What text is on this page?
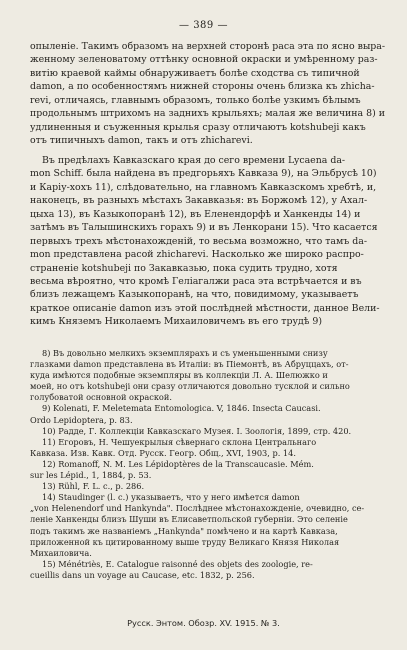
— 389 —
опыленіе. Такимъ образомъ на верхней сторонѣ раса эта по ясно выра-
женному зеленоватому оттѣнку основной окраски и умѣренному раз-
витію краевой каймы обнаруживаетъ болѣе сходства съ типичной
damon, а по особенностямъ нижней стороны очень близка къ zhicha-
revi, отличаясь, главнымъ образомъ, только болѣе узкимъ бѣлымъ
продольнымъ штрихомъ на заднихъ крыльяхъ; малая же величина 8) и
удлиненныя и съуженныя крылья сразу отличаютъ kotshubeji какъ
отъ типичныхъ damon, такъ и отъ zhicharevi.
Въ предѣлахъ Кавказскаго края до сего времени Lycaena da-
mon Schiff. была найдена въ предгорьяхъ Кавказа 9), на Эльбрусѣ 10)
и Карiу-хохъ 11), слѣдовательно, на главномъ Кавказскомъ хребтѣ, и,
наконецъ, въ разныхъ мѣстахъ Закавказья: въ Боржомѣ 12), у Ахал-
цыха 13), въ Казыкопоранѣ 12), въ Еленендорфѣ и Ханкенды 14) и
затѣмъ въ Талышинскихъ горахъ 9) и въ Ленкорани 15). Что касается
первыхъ трехъ мѣстонахожденій, то весьма возможно, что тамъ da-
mon представлена расой zhicharevi. Насколько же широко распро-
страненіе kotshubeji по Закавказью, пока судить трудно, хотя
весьма вѣроятно, что кромѣ Гелiагалжи раса эта встрѣчается и въ
близъ лежащемъ Казыкопоранѣ, на что, повидимому, указываетъ
краткое описаніе damon изъ этой послѣдней мѣстности, данное Вели-
кимъ Княземъ Николаемъ Михаиловичемъ въ его трудѣ 9)
8) Въ довольно мелкихъ экземплярахъ и съ уменьшенными снизу
глазками damon представлена въ Италіи: въ Піемонтѣ, въ Абруццахъ, от-
куда имѣются подобные экземпляры въ коллекціи Л. А. Шелюжко и
моей, но отъ kotshubeji они сразу отличаются довольно тусклой и сильно
голубоватой основной окраской.
9) Kolenati, F. Meletemata Entomologica. V, 1846. Insecta Caucasi.
Ordo Lepidoptera, p. 83.
10) Радде, Г. Коллекціи Кавказскаго Музея. I. Зоологія, 1899, стр. 420.
11) Егоровъ, Н. Чешуекрылыя сѣвернаго склона Центральнаго
Кавказа. Изв. Кавк. Отд. Русск. Геогр. Общ., XVI, 1903, р. 14.
12) Romanoff, N. M. Les Lépidoptères de la Transcaucasie. Mém.
sur les Lépid., 1, 1884, p. 53.
13) Rühl, F. L. c., p. 286.
14) Staudinger (l. c.) указываетъ, что у него имѣется damon
„von Helenendorf und Hankynda". Послѣднее мѣстонахожденіе, очевидно, се-
леніе Ханкенды близъ Шуши въ Елисаветпольской губерніи. Это селеніе
подъ такимъ же названіемъ „Hankynda" помѣчено и на картѣ Кавказа,
приложенной къ цитированному выше труду Великаго Князя Николая
Михаиловича.
15) Ménétriès, E. Catalogue raisonné des objets des zoologie, re-
cueillis dans un voyage au Caucase, etc. 1832, p. 256.
Русск. Энтом. Обозр. XV. 1915. № 3.
